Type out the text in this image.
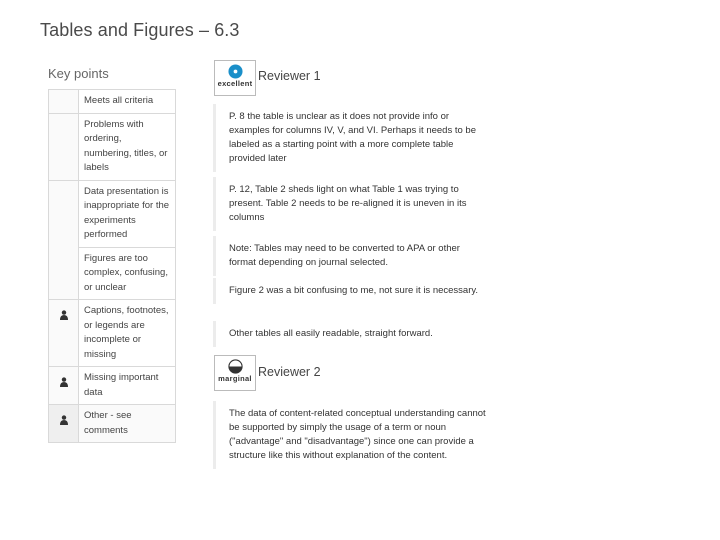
Tables and Figures – 6.3
Key points
	Meets all criteria
	Problems with ordering, numbering, titles, or labels
	Data presentation is inappropriate for the experiments performed
	Figures are too complex, confusing, or unclear
	Captions, footnotes, or legends are incomplete or missing
	Missing important data
	Other - see comments
excellent
Reviewer 1
P. 8 the table is unclear as it does not provide info or examples for columns IV, V, and VI. Perhaps it needs to be labeled as a starting point with a more complete table provided later
P. 12, Table 2 sheds light on what Table 1 was trying to present. Table 2 needs to be re-aligned it is uneven in its columns
Note: Tables may need to be converted to APA or other format depending on journal selected.
Figure 2 was a bit confusing to me, not sure it is necessary.
Other tables all easily readable, straight forward.
marginal Reviewer 2
The data of content-related conceptual understanding cannot be supported by simply the usage of a term or noun ("advantage" and "disadvantage") since one can provide a structure like this without explanation of the content.
